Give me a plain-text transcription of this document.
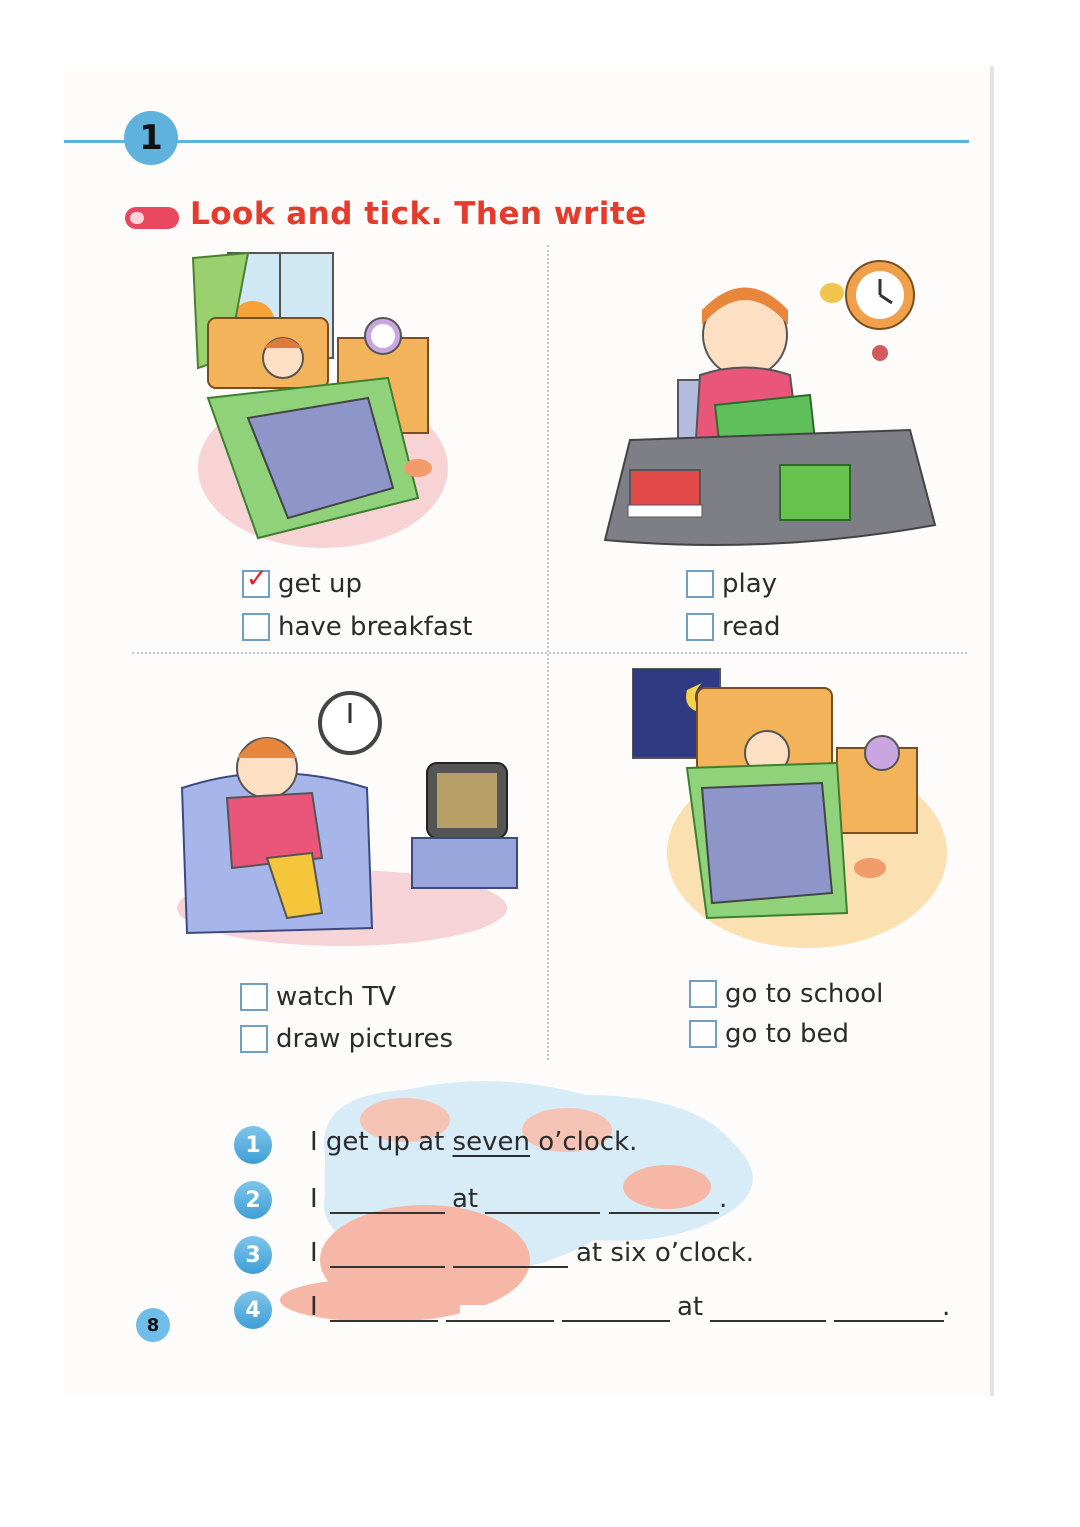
1
Look and tick. Then write
✓ get up
have breakfast
play
read
watch TV
draw pictures
go to school
go to bed
1	I get up at seven o’clock.
2	I	at	.
3	I	at six o’clock.
4	I	at	.
8
